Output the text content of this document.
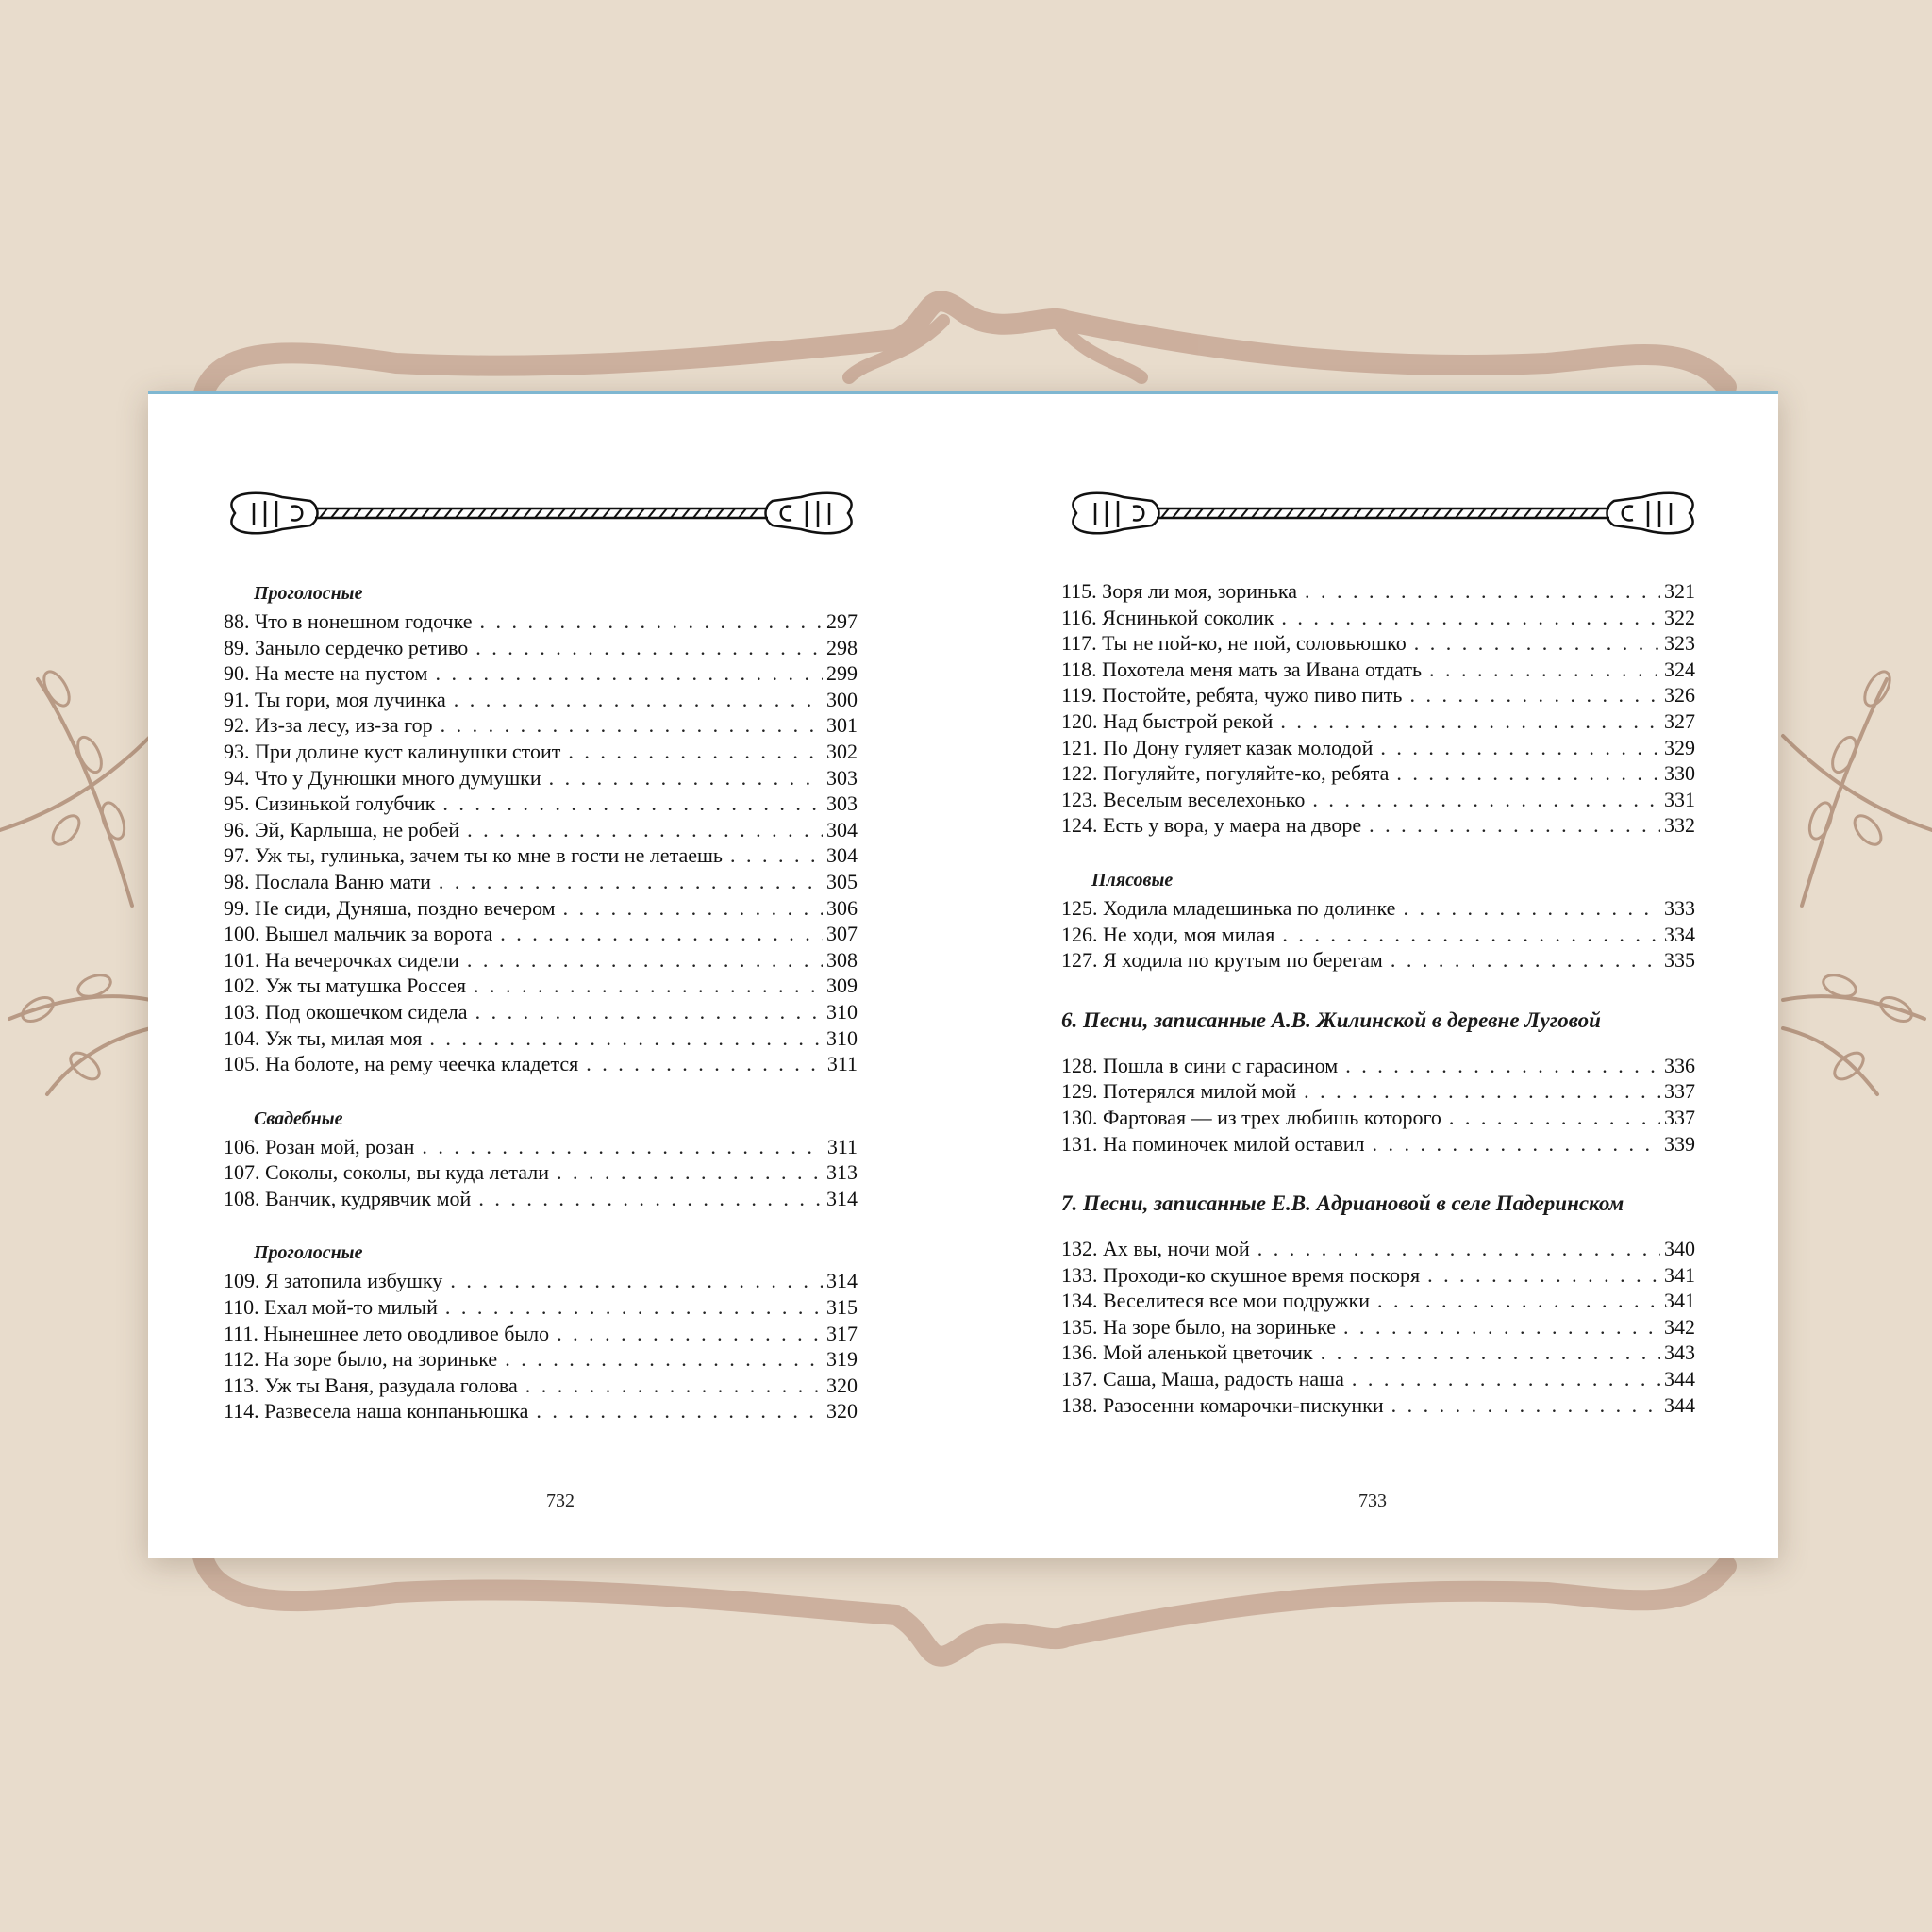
Проголосные
88. Что в нонешном годочке . . .	297
89. Заныло сердечко ретиво . . .	298
90. На месте на пустом . . .	299
91. Ты гори, моя лучинка . . .	300
92. Из-за лесу, из-за гор . . .	301
93. При долине куст калинушки стоит . . .	302
94. Что у Дунюшки много думушки . . .	303
95. Сизинькой голубчик . . .	303
96. Эй, Карлыша, не робей . . .	304
97. Уж ты, гулинька, зачем ты ко мне в гости не летаешь . . .	304
98. Послала Ваню мати . . .	305
99. Не сиди, Дуняша, поздно вечером . . .	306
100. Вышел мальчик за ворота . . .	307
101. На вечерочках сидели . . .	308
102. Уж ты матушка Россея . . .	309
103. Под окошечком сидела . . .	310
104. Уж ты, милая моя . . .	310
105. На болоте, на рему чеечка кладется . . .	311
Свадебные
106. Розан мой, розан . . .	311
107. Соколы, соколы, вы куда летали . . .	313
108. Ванчик, кудрявчик мой . . .	314
Проголосные
109. Я затопила избушку . . .	314
110. Ехал мой-то милый . . .	315
111. Нынешнее лето оводливое было . . .	317
112. На зоре было, на зориньке . . .	319
113. Уж ты Ваня, разудала голова . . .	320
114. Развесела наша конпаньюшка . . .	320
732
115. Зоря ли моя, зоринька . . .	321
116. Яснинькой соколик . . .	322
117. Ты не пой-ко, не пой, соловьюшко . . .	323
118. Похотела меня мать за Ивана отдать . . .	324
119. Постойте, ребята, чужо пиво пить . . .	326
120. Над быстрой рекой . . .	327
121. По Дону гуляет казак молодой . . .	329
122. Погуляйте, погуляйте-ко, ребята . . .	330
123. Веселым веселехонько . . .	331
124. Есть у вора, у маера на дворе . . .	332
Плясовые
125. Ходила младешинька по долинке . . .	333
126. Не ходи, моя милая . . .	334
127. Я ходила по крутым по берегам . . .	335
6. Песни, записанные А.В. Жилинской в деревне Луговой
128. Пошла в сини с гарасином . . .	336
129. Потерялся милой мой . . .	337
130. Фартовая — из трех любишь которого . . .	337
131. На поминочек милой оставил . . .	339
7. Песни, записанные Е.В. Адриановой в селе Падеринском
132. Ах вы, ночи мой . . .	340
133. Проходи-ко скушное время поскоря . . .	341
134. Веселитеся все мои подружки . . .	341
135. На зоре было, на зориньке . . .	342
136. Мой аленькой цветочик . . .	343
137. Саша, Маша, радость наша . . .	344
138. Разосенни комарочки-пискунки . . .	344
733
